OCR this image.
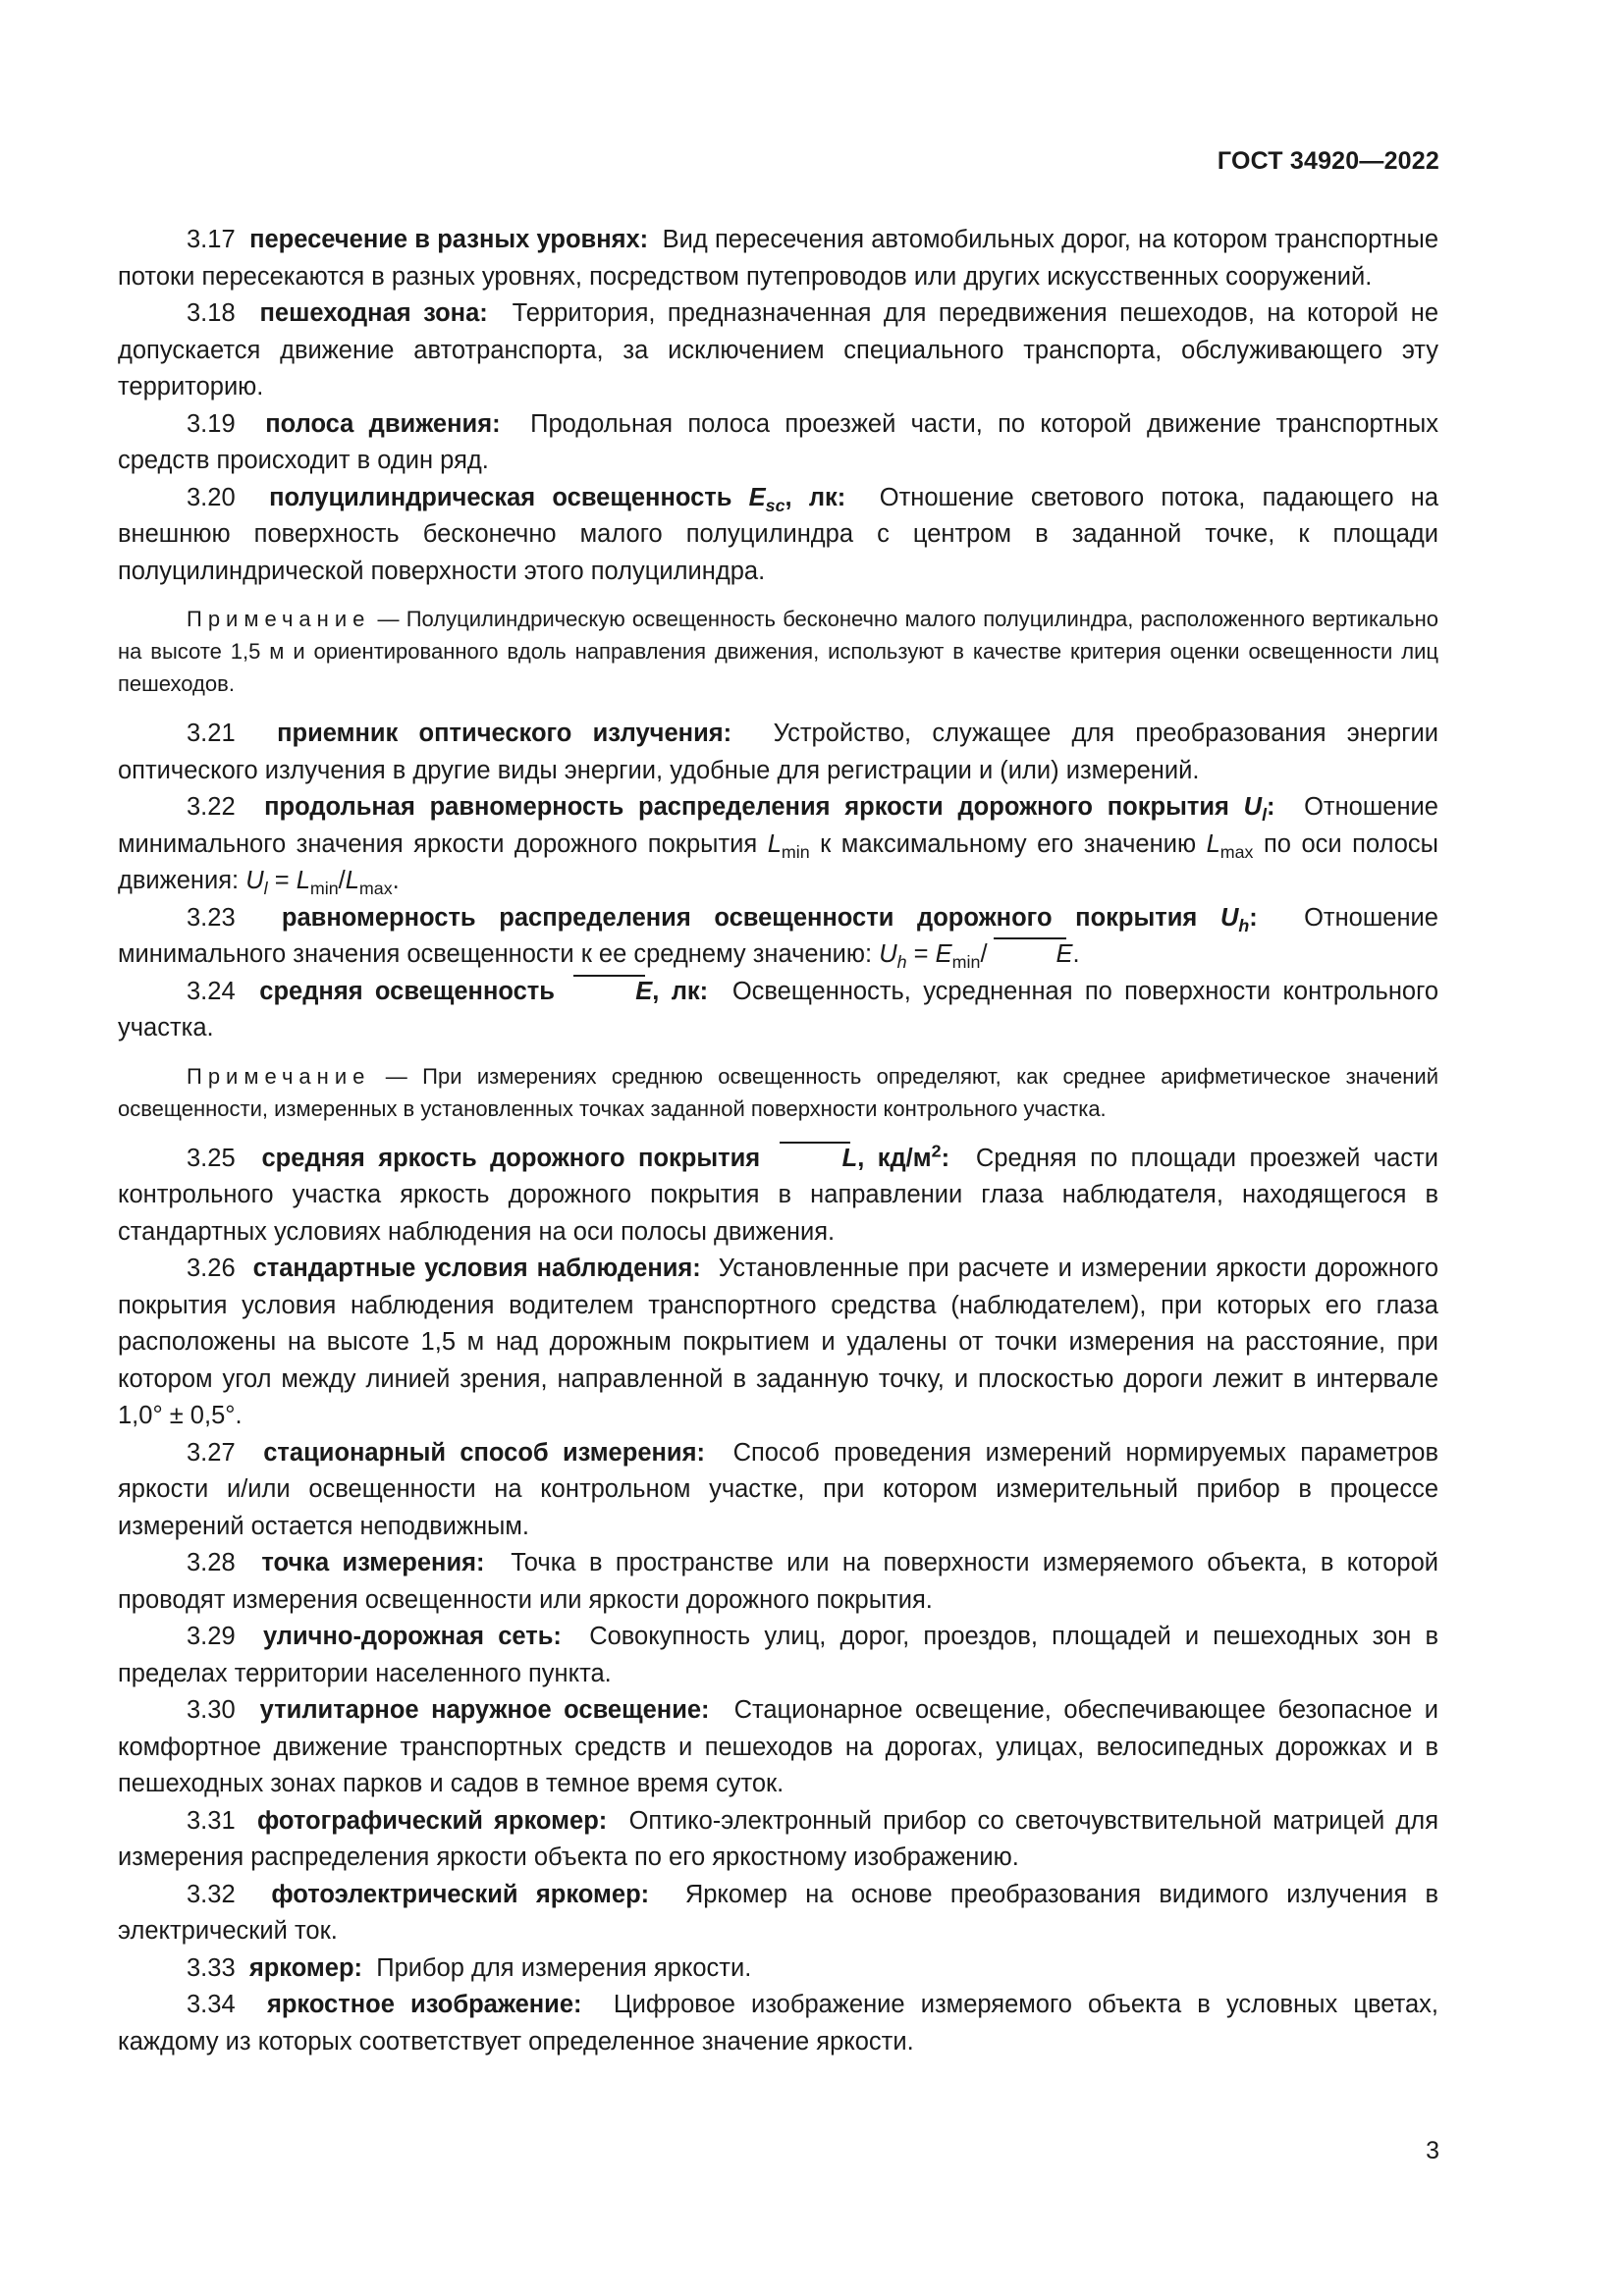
ГОСТ 34920—2022

3.17 пересечение в разных уровнях: Вид пересечения автомобильных дорог, на котором транспортные потоки пересекаются в разных уровнях, посредством путепроводов или других искусственных сооружений.

3.18 пешеходная зона: Территория, предназначенная для передвижения пешеходов, на которой не допускается движение автотранспорта, за исключением специального транспорта, обслуживающего эту территорию.

3.19 полоса движения: Продольная полоса проезжей части, по которой движение транспортных средств происходит в один ряд.

3.20 полуцилиндрическая освещенность $E_{sc}$, лк: Отношение светового потока, падающего на внешнюю поверхность бесконечно малого полуцилиндра с центром в заданной точке, к площади полуцилиндрической поверхности этого полуцилиндра.

Примечание — Полуцилиндрическую освещенность бесконечно малого полуцилиндра, расположенного вертикально на высоте 1,5 м и ориентированного вдоль направления движения, используют в качестве критерия оценки освещенности лиц пешеходов.

3.21 приемник оптического излучения: Устройство, служащее для преобразования энергии оптического излучения в другие виды энергии, удобные для регистрации и (или) измерений.

3.22 продольная равномерность распределения яркости дорожного покрытия $U_l$: Отношение минимального значения яркости дорожного покрытия $L_{min}$ к максимальному его значению $L_{max}$ по оси полосы движения: $U_l = L_{min}/L_{max}$.

3.23 равномерность распределения освещенности дорожного покрытия $U_h$: Отношение минимального значения освещенности к ее среднему значению: $U_h = E_{min}/$	E.

3.24 средняя освещенность	E, лк: Освещенность, усредненная по поверхности контрольного участка.

Примечание — При измерениях среднюю освещенность определяют, как среднее арифметическое значений освещенности, измеренных в установленных точках заданной поверхности контрольного участка.

3.25 средняя яркость дорожного покрытия	L, $кд/м^2$: Средняя по площади проезжей части контрольного участка яркость дорожного покрытия в направлении глаза наблюдателя, находящегося в стандартных условиях наблюдения на оси полосы движения.

3.26 стандартные условия наблюдения: Установленные при расчете и измерении яркости дорожного покрытия условия наблюдения водителем транспортного средства (наблюдателем), при которых его глаза расположены на высоте 1,5 м над дорожным покрытием и удалены от точки измерения на расстояние, при котором угол между линией зрения, направленной в заданную точку, и плоскостью дороги лежит в интервале 1,0° ± 0,5°.

3.27 стационарный способ измерения: Способ проведения измерений нормируемых параметров яркости и/или освещенности на контрольном участке, при котором измерительный прибор в процессе измерений остается неподвижным.

3.28 точка измерения: Точка в пространстве или на поверхности измеряемого объекта, в которой проводят измерения освещенности или яркости дорожного покрытия.

3.29 улично-дорожная сеть: Совокупность улиц, дорог, проездов, площадей и пешеходных зон в пределах территории населенного пункта.

3.30 утилитарное наружное освещение: Стационарное освещение, обеспечивающее безопасное и комфортное движение транспортных средств и пешеходов на дорогах, улицах, велосипедных дорожках и в пешеходных зонах парков и садов в темное время суток.

3.31 фотографический яркомер: Оптико-электронный прибор со светочувствительной матрицей для измерения распределения яркости объекта по его яркостному изображению.

3.32 фотоэлектрический яркомер: Яркомер на основе преобразования видимого излучения в электрический ток.

3.33 яркомер: Прибор для измерения яркости.

3.34 яркостное изображение: Цифровое изображение измеряемого объекта в условных цветах, каждому из которых соответствует определенное значение яркости.

3
